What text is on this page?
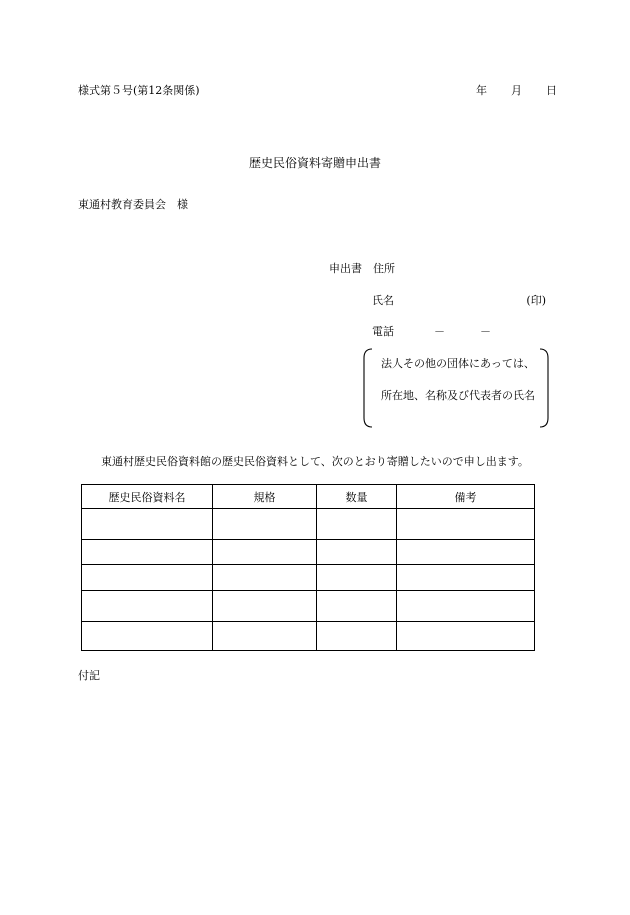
様式第５号(第12条関係)	年 月 日
歴史民俗資料寄贈申出書
東通村教育委員会　様
申出書 住所
氏名	(印)
電話	－	－
法人その他の団体にあっては、
所在地、名称及び代表者の氏名
東通村歴史民俗資料館の歴史民俗資料として、次のとおり寄贈したいので申し出ます。
歴史民俗資料名	規格	数量	備考

付記
